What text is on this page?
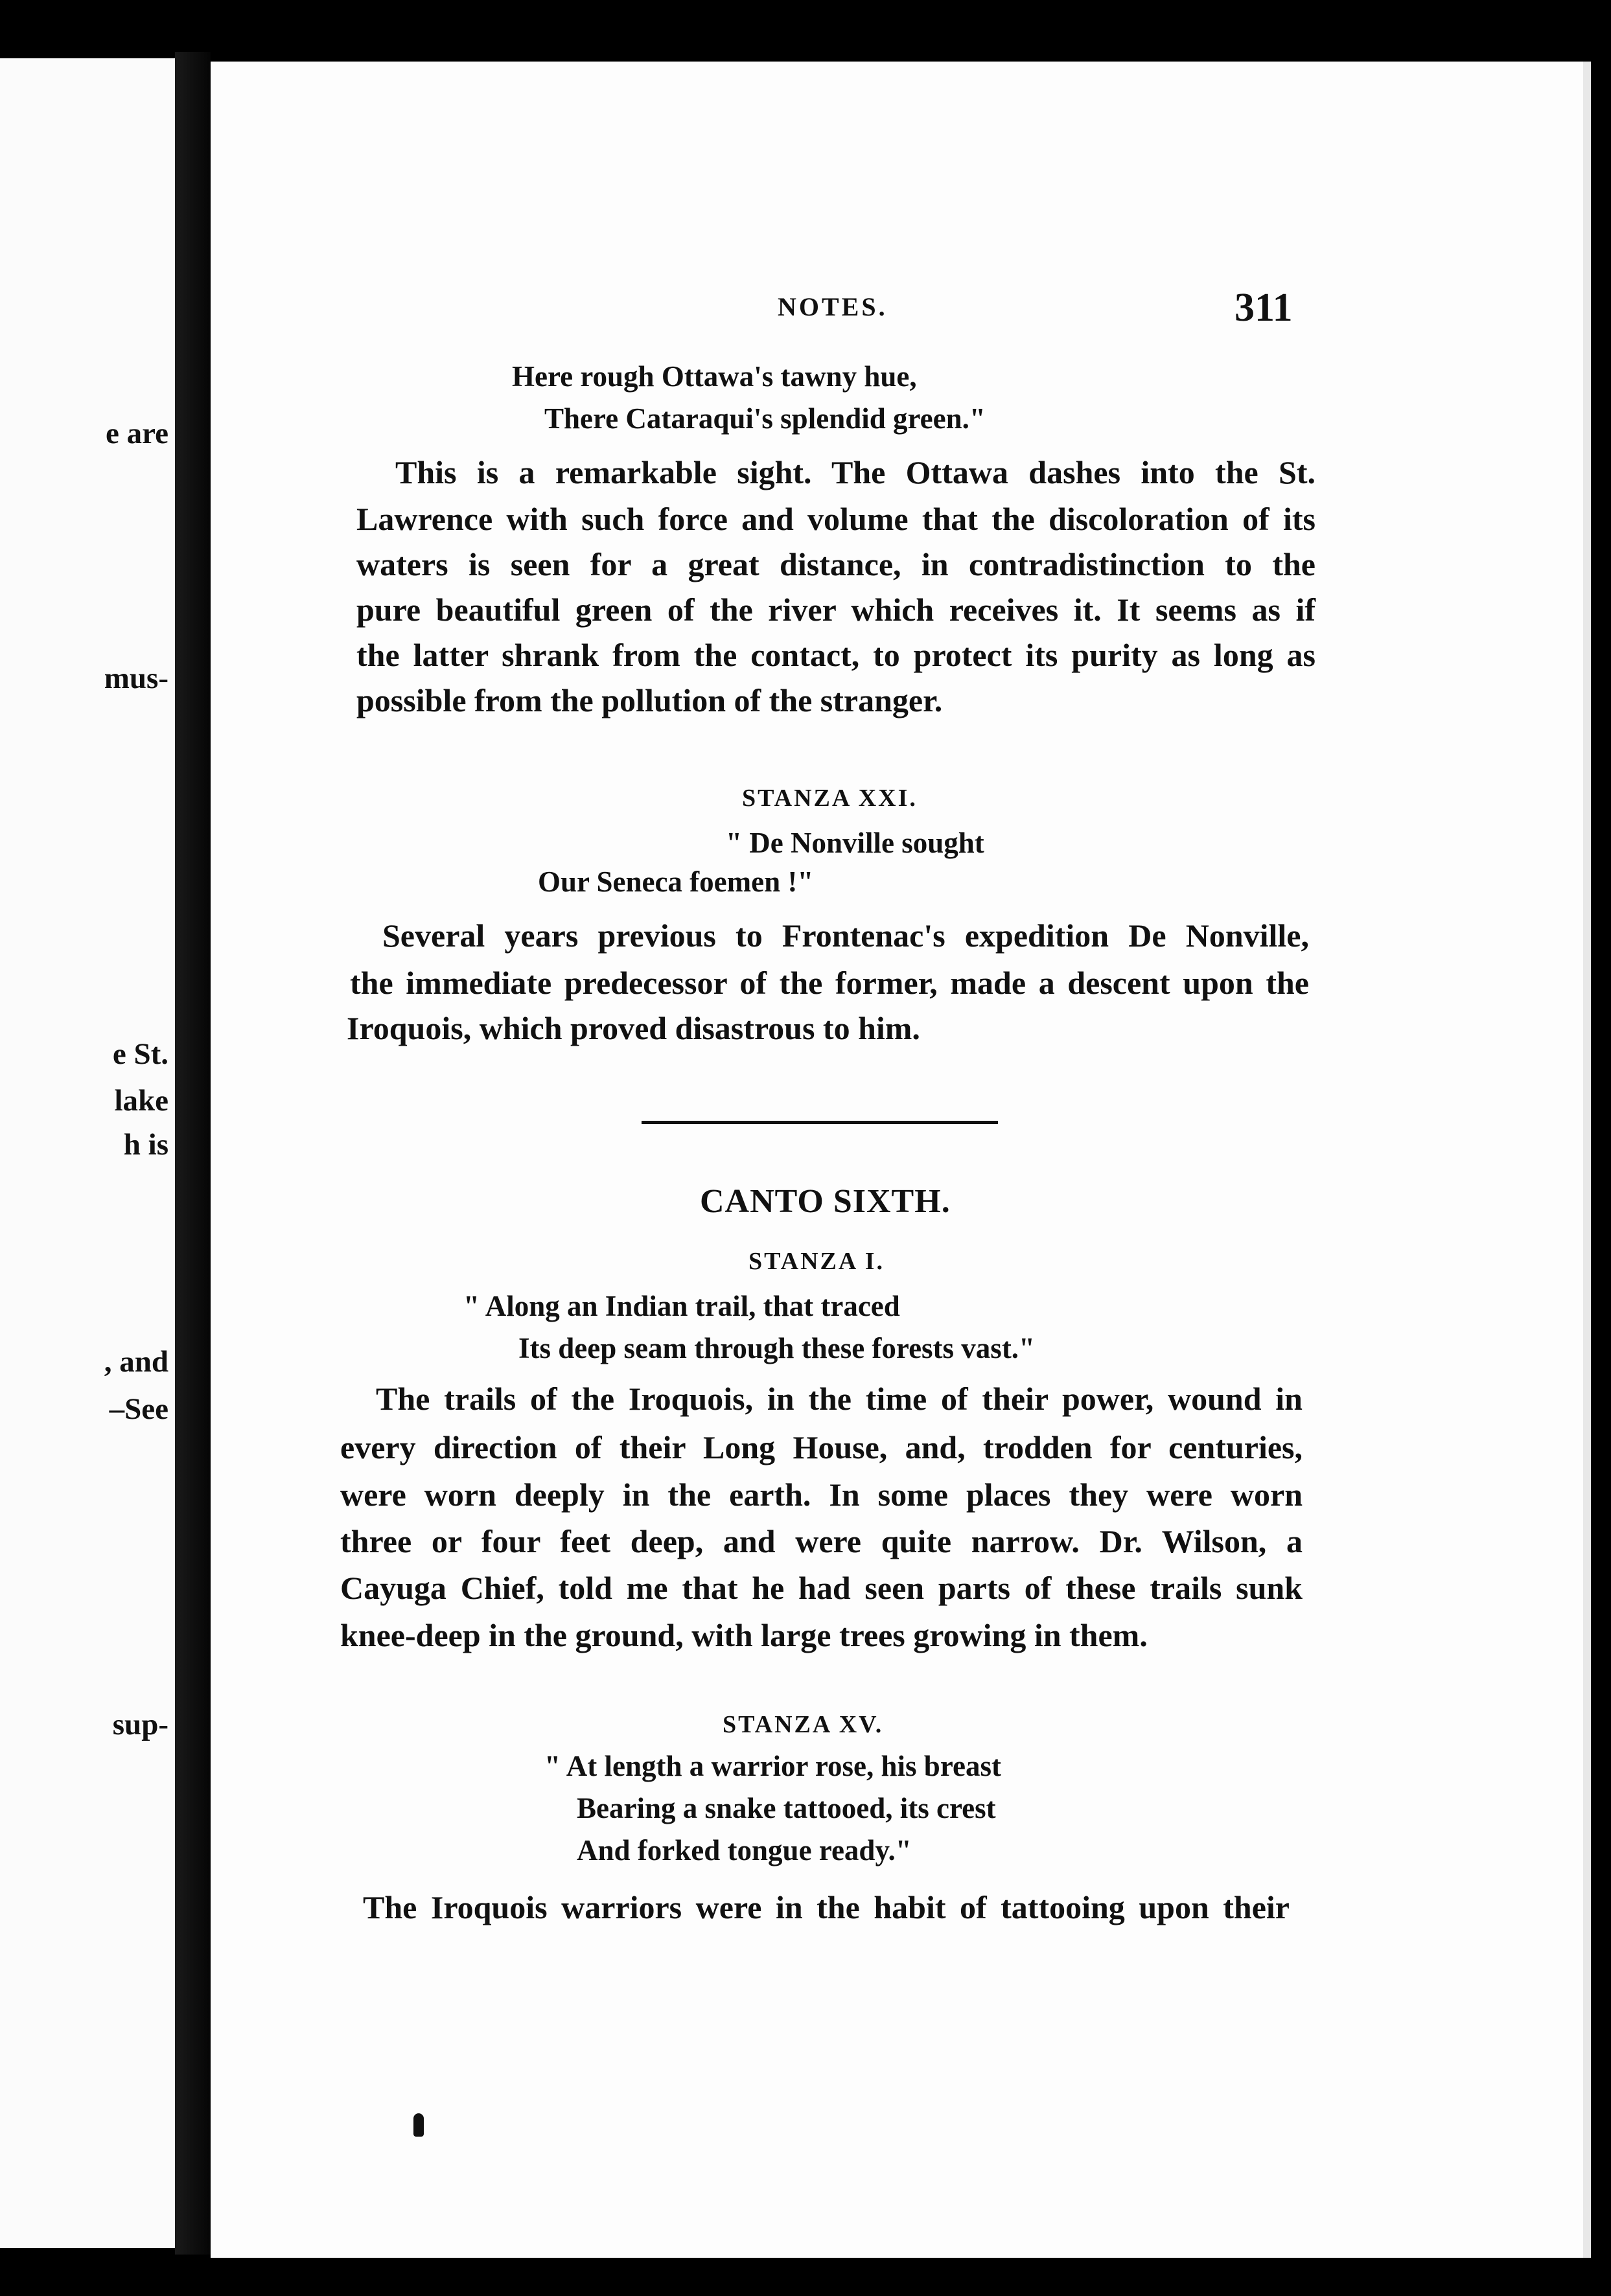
e are
mus-
e St.
lake
h is
, and
–See
sup-
NOTES.	311
Here rough Ottawa's tawny hue,
There Cataraqui's splendid green."
This is a remarkable sight. The Ottawa dashes into the St.
Lawrence with such force and volume that the discoloration of its
waters is seen for a great distance, in contradistinction to the
pure beautiful green of the river which receives it. It seems as if
the latter shrank from the contact, to protect its purity as long as
possible from the pollution of the stranger.
STANZA XXI.
" De Nonville sought
Our Seneca foemen !"
Several years previous to Frontenac's expedition De Nonville,
the immediate predecessor of the former, made a descent upon the
Iroquois, which proved disastrous to him.
CANTO SIXTH.
STANZA I.
" Along an Indian trail, that traced
Its deep seam through these forests vast."
The trails of the Iroquois, in the time of their power, wound in
every direction of their Long House, and, trodden for centuries,
were worn deeply in the earth. In some places they were worn
three or four feet deep, and were quite narrow. Dr. Wilson, a
Cayuga Chief, told me that he had seen parts of these trails sunk
knee-deep in the ground, with large trees growing in them.
STANZA XV.
" At length a warrior rose, his breast
Bearing a snake tattooed, its crest
And forked tongue ready."
The Iroquois warriors were in the habit of tattooing upon their
